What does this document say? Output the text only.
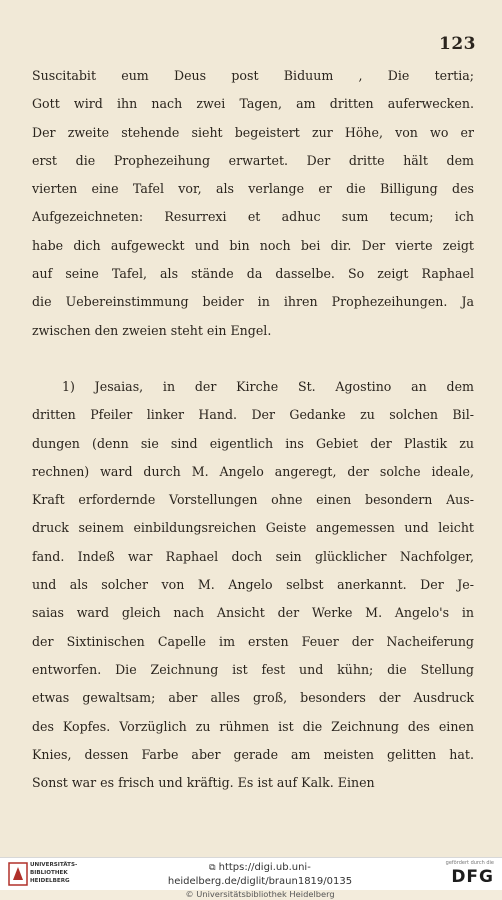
123
Suscitabit eum Deus post Biduum , Die tertia;
Gott wird ihn nach zwei Tagen, am dritten auferwecken.
Der zweite stehende sieht begeistert zur Höhe, von wo er
erst die Prophezeihung erwartet. Der dritte hält dem
vierten eine Tafel vor, als verlange er die Billigung des
Aufgezeichneten: Resurrexi et adhuc sum tecum; ich
habe dich aufgeweckt und bin noch bei dir. Der vierte zeigt
auf seine Tafel, als stände da dasselbe. So zeigt Raphael
die Uebereinstimmung beider in ihren Prophezeihungen. Ja
zwischen den zweien steht ein Engel.
1) Jesaias, in der Kirche St. Agostino an dem
dritten Pfeiler linker Hand. Der Gedanke zu solchen Bil-
dungen (denn sie sind eigentlich ins Gebiet der Plastik zu
rechnen) ward durch M. Angelo angeregt, der solche ideale,
Kraft erfordernde Vorstellungen ohne einen besondern Aus-
druck seinem einbildungsreichen Geiste angemessen und leicht
fand. Indeß war Raphael doch sein glücklicher Nachfolger,
und als solcher von M. Angelo selbst anerkannt. Der Je-
saias ward gleich nach Ansicht der Werke M. Angelo's in
der Sixtinischen Capelle im ersten Feuer der Nacheiferung
entworfen. Die Zeichnung ist fest und kühn; die Stellung
etwas gewaltsam; aber alles groß, besonders der Ausdruck
des Kopfes. Vorzüglich zu rühmen ist die Zeichnung des einen
Knies, dessen Farbe aber gerade am meisten gelitten hat.
Sonst war es frisch und kräftig. Es ist auf Kalk. Einen
UNIVERSITÄTS-
BIBLIOTHEK
HEIDELBERG
⧉ https://digi.ub.uni-heidelberg.de/diglit/braun1819/0135
© Universitätsbibliothek Heidelberg
gefördert durch die
DFG
